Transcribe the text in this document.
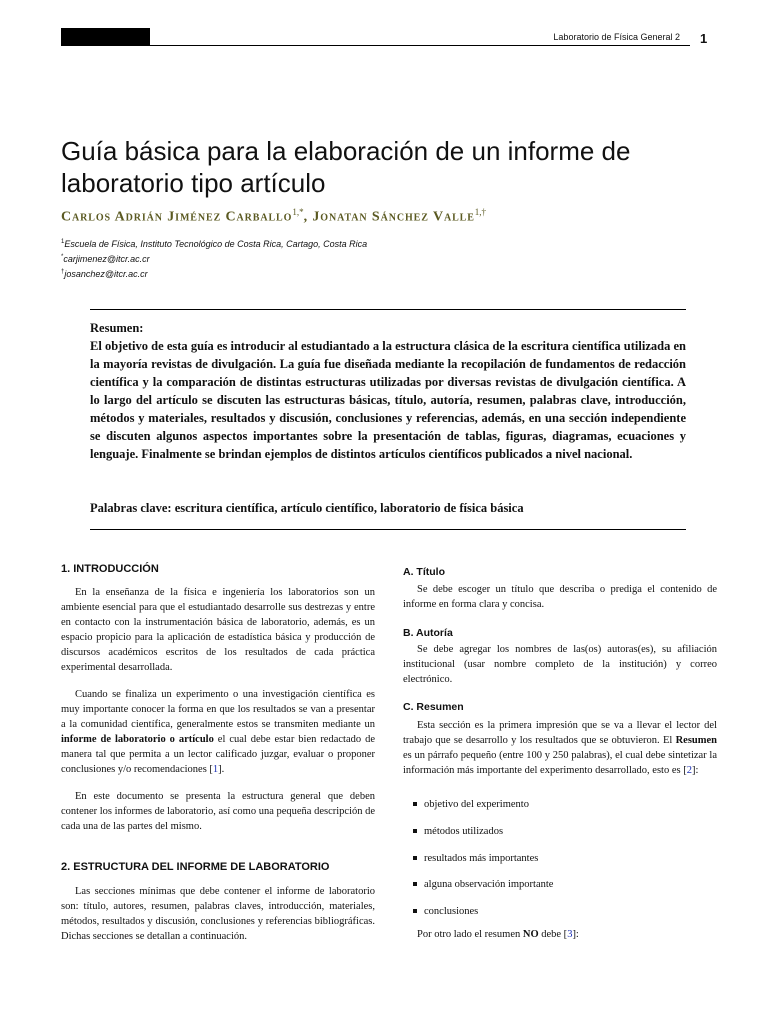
Laboratorio de Física General 2 1
Guía básica para la elaboración de un informe de laboratorio tipo artículo
Carlos Adrián Jiménez Carballo$^{1,*}$, Jonatan Sánchez Valle$^{1,\dagger}$
$^1$Escuela de Física, Instituto Tecnológico de Costa Rica, Cartago, Costa Rica
*carjimenez@itcr.ac.cr
†josanchez@itcr.ac.cr
Resumen:

El objetivo de esta guía es introducir al estudiantado a la estructura clásica de la escritura científica utilizada en la mayoría revistas de divulgación. La guía fue diseñada mediante la recopilación de fundamentos de redacción científica y la comparación de distintas estructuras utilizadas por diversas revistas de divulgación científica. A lo largo del artículo se discuten las estructuras básicas, título, autoría, resumen, palabras clave, introducción, métodos y materiales, resultados y discusión, conclusiones y referencias, además, en una sección independiente se discuten algunos aspectos importantes sobre la presentación de tablas, figuras, diagramas, ecuaciones y lenguaje. Finalmente se brindan ejemplos de distintos artículos científicos publicados a nivel nacional.

Palabras clave: escritura científica, artículo científico, laboratorio de física básica
1. INTRODUCCIÓN

En la enseñanza de la física e ingeniería los laboratorios son un ambiente esencial para que el estudiantado desarrolle sus destrezas y entre en contacto con la instrumentación básica de laboratorio, además, es un espacio propicio para la aplicación de estadística básica y producción de discursos académicos escritos de los resultados de cada práctica experimental desarrollada.

Cuando se finaliza un experimento o una investigación científica es muy importante conocer la forma en que los resultados se van a presentar a la comunidad científica, generalmente estos se transmiten mediante un informe de laboratorio o artículo el cual debe estar bien redactado de manera tal que permita a un lector calificado juzgar, evaluar o proponer conclusiones y/o recomendaciones [1].

En este documento se presenta la estructura general que deben contener los informes de laboratorio, así como una pequeña descripción de cada una de las partes del mismo.

2. ESTRUCTURA DEL INFORME DE LABORATORIO

Las secciones mínimas que debe contener el informe de laboratorio son: título, autores, resumen, palabras claves, introducción, materiales, métodos, resultados y discusión, conclusiones y referencias bibliográficas. Dichas secciones se detallan a continuación.

A. Título

Se debe escoger un título que describa o prediga el contenido de informe en forma clara y concisa.

B. Autoría

Se debe agregar los nombres de las(os) autoras(es), su afiliación institucional (usar nombre completo de la institución) y correo electrónico.

C. Resumen

Esta sección es la primera impresión que se va a llevar el lector del trabajo que se desarrollo y los resultados que se obtuvieron. El Resumen es un párrafo pequeño (entre 100 y 250 palabras), el cual debe sintetizar la información más importante del experimento desarrollado, esto es [2]:

objetivo del experimento
métodos utilizados
resultados más importantes
alguna observación importante
conclusiones
Por otro lado el resumen NO debe [3]:
